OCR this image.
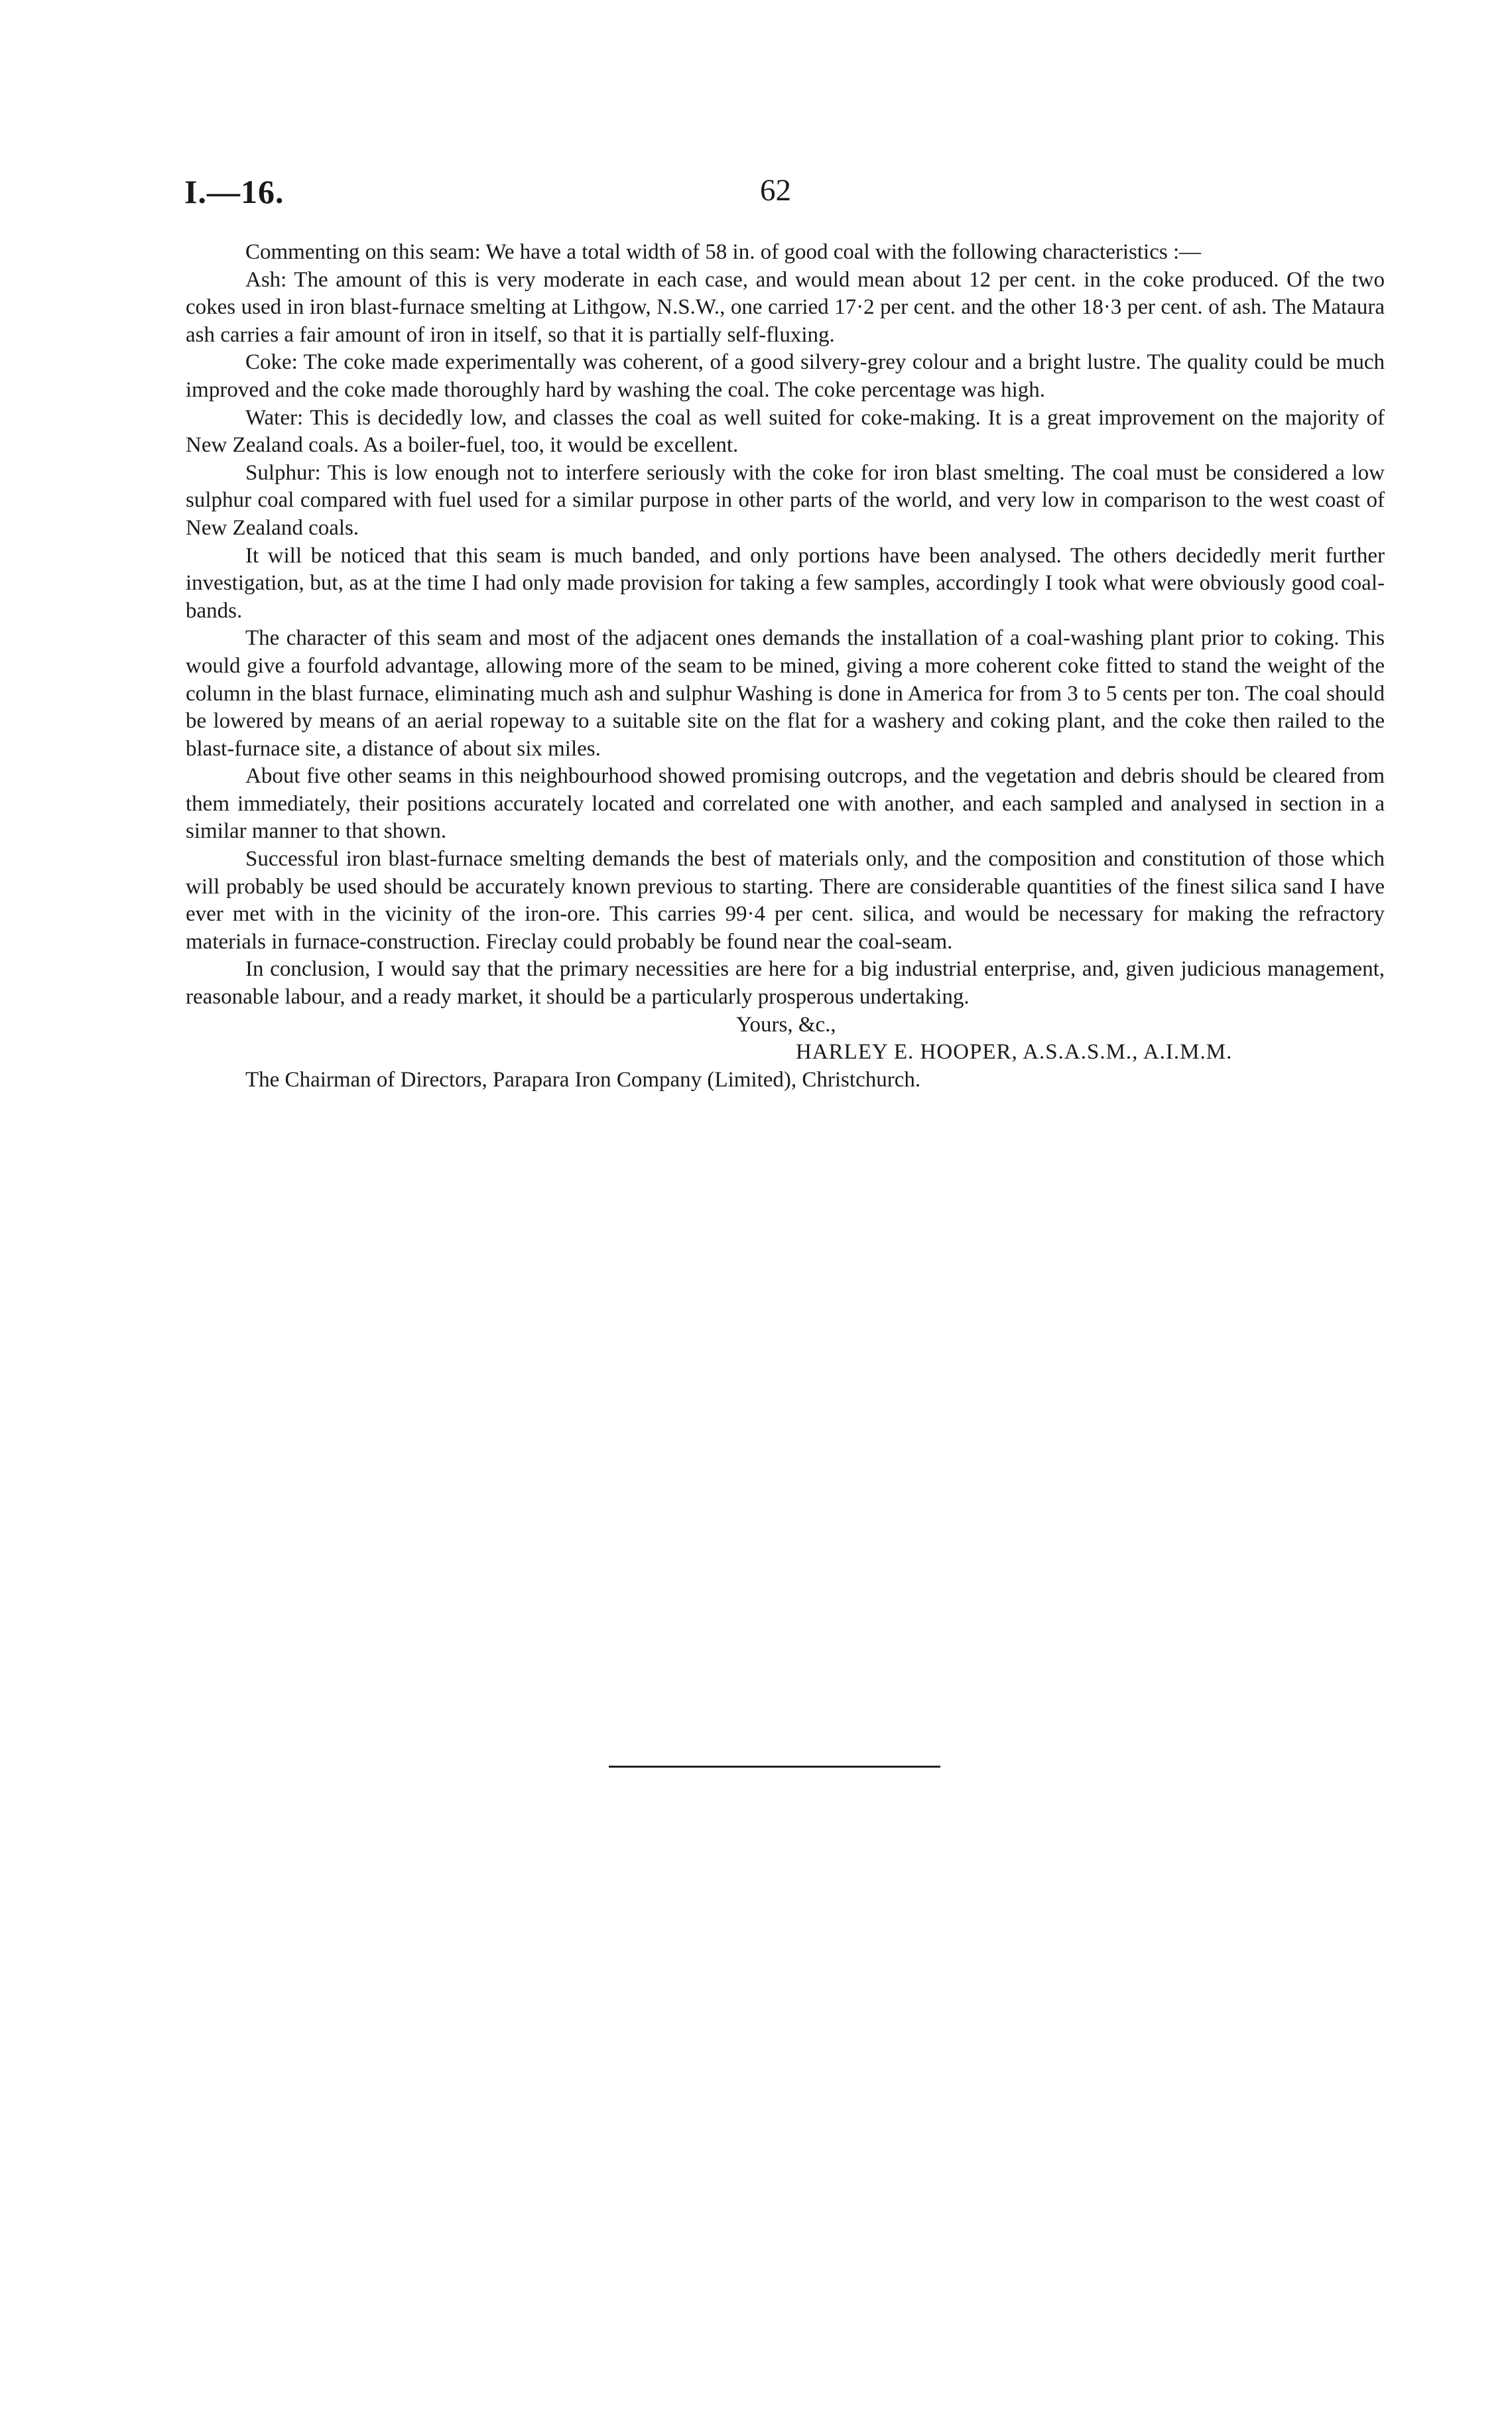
I.—16.	62

Commenting on this seam: We have a total width of 58 in. of good coal with the following characteristics :—

Ash: The amount of this is very moderate in each case, and would mean about 12 per cent. in the coke produced. Of the two cokes used in iron blast-furnace smelting at Lithgow, N.S.W., one carried 17·2 per cent. and the other 18·3 per cent. of ash. The Mataura ash carries a fair amount of iron in itself, so that it is partially self-fluxing.

Coke: The coke made experimentally was coherent, of a good silvery-grey colour and a bright lustre. The quality could be much improved and the coke made thoroughly hard by washing the coal. The coke percentage was high.

Water: This is decidedly low, and classes the coal as well suited for coke-making. It is a great improvement on the majority of New Zealand coals. As a boiler-fuel, too, it would be excellent.

Sulphur: This is low enough not to interfere seriously with the coke for iron blast smelting. The coal must be considered a low sulphur coal compared with fuel used for a similar purpose in other parts of the world, and very low in comparison to the west coast of New Zealand coals.

It will be noticed that this seam is much banded, and only portions have been analysed. The others decidedly merit further investigation, but, as at the time I had only made provision for taking a few samples, accordingly I took what were obviously good coal-bands.

The character of this seam and most of the adjacent ones demands the installation of a coal-washing plant prior to coking. This would give a fourfold advantage, allowing more of the seam to be mined, giving a more coherent coke fitted to stand the weight of the column in the blast furnace, eliminating much ash and sulphur Washing is done in America for from 3 to 5 cents per ton. The coal should be lowered by means of an aerial ropeway to a suitable site on the flat for a washery and coking plant, and the coke then railed to the blast-furnace site, a distance of about six miles.

About five other seams in this neighbourhood showed promising outcrops, and the vegetation and debris should be cleared from them immediately, their positions accurately located and correlated one with another, and each sampled and analysed in section in a similar manner to that shown.

Successful iron blast-furnace smelting demands the best of materials only, and the composition and constitution of those which will probably be used should be accurately known previous to starting. There are considerable quantities of the finest silica sand I have ever met with in the vicinity of the iron-ore. This carries 99·4 per cent. silica, and would be necessary for making the refractory materials in furnace-construction. Fireclay could probably be found near the coal-seam.

In conclusion, I would say that the primary necessities are here for a big industrial enterprise, and, given judicious management, reasonable labour, and a ready market, it should be a particularly prosperous undertaking.

Yours, &c.,
HARLEY E. HOOPER, A.S.A.S.M., A.I.M.M.
The Chairman of Directors, Parapara Iron Company (Limited), Christchurch.
